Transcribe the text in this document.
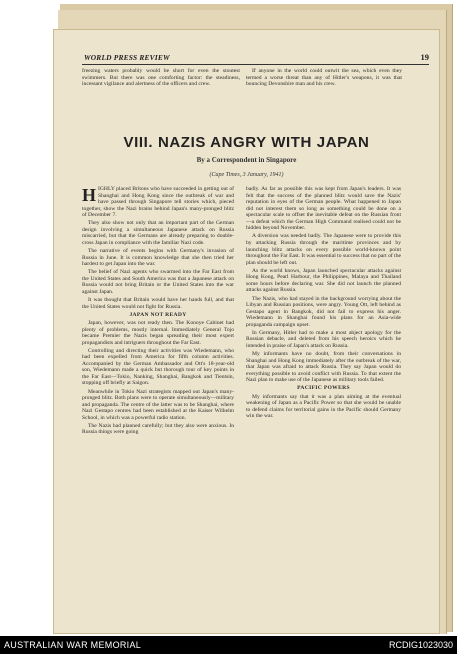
WORLD PRESS REVIEW	19

freezing waters probably would be short for even the stoutest swimmers. But there was one comforting factor: the steadiness, incessant vigilance and alertness of the officers and crew.

If anyone in the world could outwit the sea, which even they termed a worse threat than any of Hitler's weapons, it was that bouncing Devonshire man and his crew.

VIII. NAZIS ANGRY WITH JAPAN
By a Correspondent in Singapore
(Cape Times, 3 January, 1941)

HIGHLY placed Britons who have succeeded in getting out of Shanghai and Hong Kong since the outbreak of war and have passed through Singapore tell stories which, pieced together, show the Nazi brains behind Japan's many-pronged blitz of December 7.

They also show not only that an important part of the German design involving a simultaneous Japanese attack on Russia miscarried, but that the Germans are already preparing to double-cross Japan in compliance with the familiar Nazi code.

The narrative of events begins with Germany's invasion of Russia in June. It is common knowledge that she then tried her hardest to get Japan into the war.

The belief of Nazi agents who swarmed into the Far East from the United States and South America was that a Japanese attack on Russia would not bring Britain or the United States into the war against Japan.

It was thought that Britain would have her hands full, and that the United States would not fight for Russia.

JAPAN NOT READY

Japan, however, was not ready then. The Konoye Cabinet had plenty of problems, mostly internal. Immediately General Tojo became Premier the Nazis began spreading their most expert propagandists and intriguers throughout the Far East.

Controlling and directing their activities was Wiedemann, who had been expelled from America for fifth column activities. Accompanied by the German Ambassador and Ott's 18-year-old son, Wiedemann made a quick but thorough tour of key points in the Far East—Tokio, Nanking, Shanghai, Bangkok and Tientsin, stopping off briefly at Saigon.

Meanwhile in Tokio Nazi strategists mapped out Japan's many-pronged blitz. Both plans were to operate simultaneously—military and propaganda. The centre of the latter was to be Shanghai, where Nazi Gestapo centres had been established at the Kaiser Wilhelm School, in which was a powerful radio station.

The Nazis had planned carefully; but they also were anxious. In Russia things were going

badly. As far as possible this was kept from Japan's leaders. It was felt that the success of the planned blitz would save the Nazis' reputation in eyes of the German people. What happened to Japan did not interest them so long as something could be done on a spectacular scale to offset the inevitable defeat on the Russian front—a defeat which the German High Command realised could not be hidden beyond November.

A diversion was needed badly. The Japanese were to provide this by attacking Russia through the maritime provinces and by launching blitz attacks on every possible world-known point throughout the Far East. It was essential to success that no part of the plan should be left out.

As the world knows, Japan launched spectacular attacks against Hong Kong, Pearl Harbour, the Philippines, Malaya and Thailand some hours before declaring war. She did not launch the planned attacks against Russia.

The Nazis, who had stayed in the background worrying about the Libyan and Russian positions, were angry. Young Ott, left behind as Gestapo agent in Bangkok, did not fail to express his anger. Wiedemann in Shanghai found his plans for an Asia-wide propaganda campaign upset.

In Germany, Hitler had to make a most abject apology for the Russian debacle, and deleted from his speech heroics which he intended in praise of Japan's attack on Russia.

My informants have no doubt, from their conversations in Shanghai and Hong Kong immediately after the outbreak of the war, that Japan was afraid to attack Russia. They say Japan would do everything possible to avoid conflict with Russia. To that extent the Nazi plan to make use of the Japanese as military tools failed.

PACIFIC POWERS

My informants say that it was a plan aiming at the eventual weakening of Japan as a Pacific Power so that she would be unable to defend claims for territorial gains in the Pacific should Germany win the war.

AUSTRALIAN WAR MEMORIAL	RCDIG1023030
